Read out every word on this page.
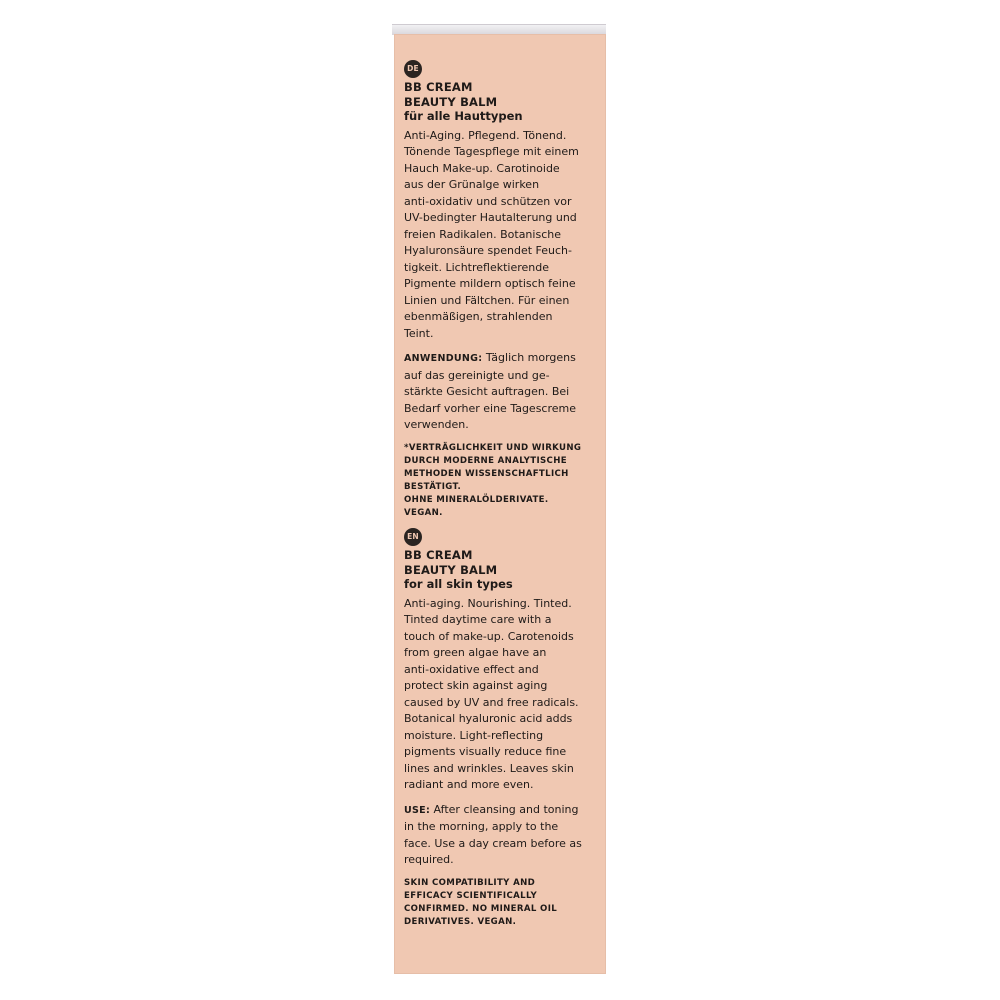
DE
BB CREAM
BEAUTY BALM
für alle Hauttypen
Anti-Aging. Pflegend. Tönend.
Tönende Tagespflege mit einem
Hauch Make-up. Carotinoide
aus der Grünalge wirken
anti-oxidativ und schützen vor
UV-bedingter Hautalterung und
freien Radikalen. Botanische
Hyaluronsäure spendet Feuch-
tigkeit. Lichtreflektierende
Pigmente mildern optisch feine
Linien und Fältchen. Für einen
ebenmäßigen, strahlenden
Teint.
ANWENDUNG: Täglich morgens
auf das gereinigte und ge-
stärkte Gesicht auftragen. Bei
Bedarf vorher eine Tagescreme
verwenden.
*VERTRÄGLICHKEIT UND WIRKUNG
DURCH MODERNE ANALYTISCHE
METHODEN WISSENSCHAFTLICH
BESTÄTIGT.
OHNE MINERALÖLDERIVATE.
VEGAN.
EN
BB CREAM
BEAUTY BALM
for all skin types
Anti-aging. Nourishing. Tinted.
Tinted daytime care with a
touch of make-up. Carotenoids
from green algae have an
anti-oxidative effect and
protect skin against aging
caused by UV and free radicals.
Botanical hyaluronic acid adds
moisture. Light-reflecting
pigments visually reduce fine
lines and wrinkles. Leaves skin
radiant and more even.
USE: After cleansing and toning
in the morning, apply to the
face. Use a day cream before as
required.
SKIN COMPATIBILITY AND
EFFICACY SCIENTIFICALLY
CONFIRMED. NO MINERAL OIL
DERIVATIVES. VEGAN.
